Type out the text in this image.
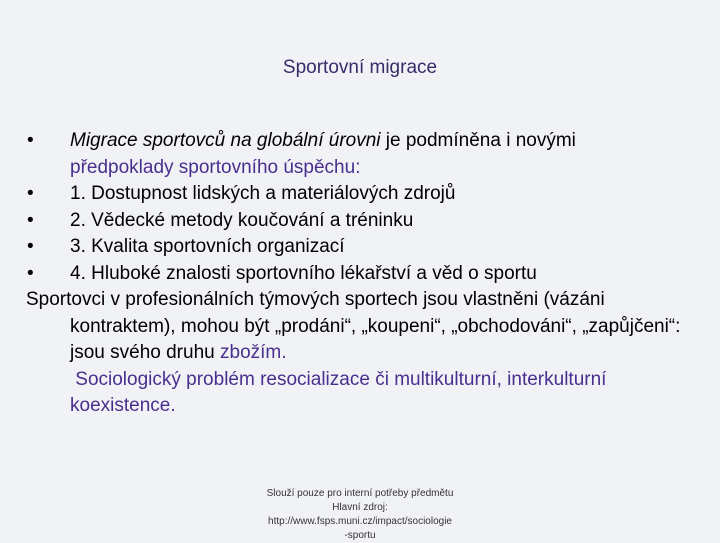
Sportovní migrace
• Migrace sportovců na globální úrovni je podmíněna i novými
předpoklady sportovního úspěchu:
• 1. Dostupnost lidských a materiálových zdrojů
• 2. Vědecké metody koučování a tréninku
• 3. Kvalita sportovních organizací
• 4. Hluboké znalosti sportovního lékařství a věd o sportu
Sportovci v profesionálních týmových sportech jsou vlastněni (vázáni kontraktem), mohou být „prodáni“, „koupeni“, „obchodováni“, „zapůjčeni“: jsou svého druhu zbožím.
Sociologický problém resocializace či multikulturní, interkulturní koexistence.
Slouží pouze pro interní potřeby předmětu
Hlavní zdroj:
http://www.fsps.muni.cz/impact/sociologie
-sportu
